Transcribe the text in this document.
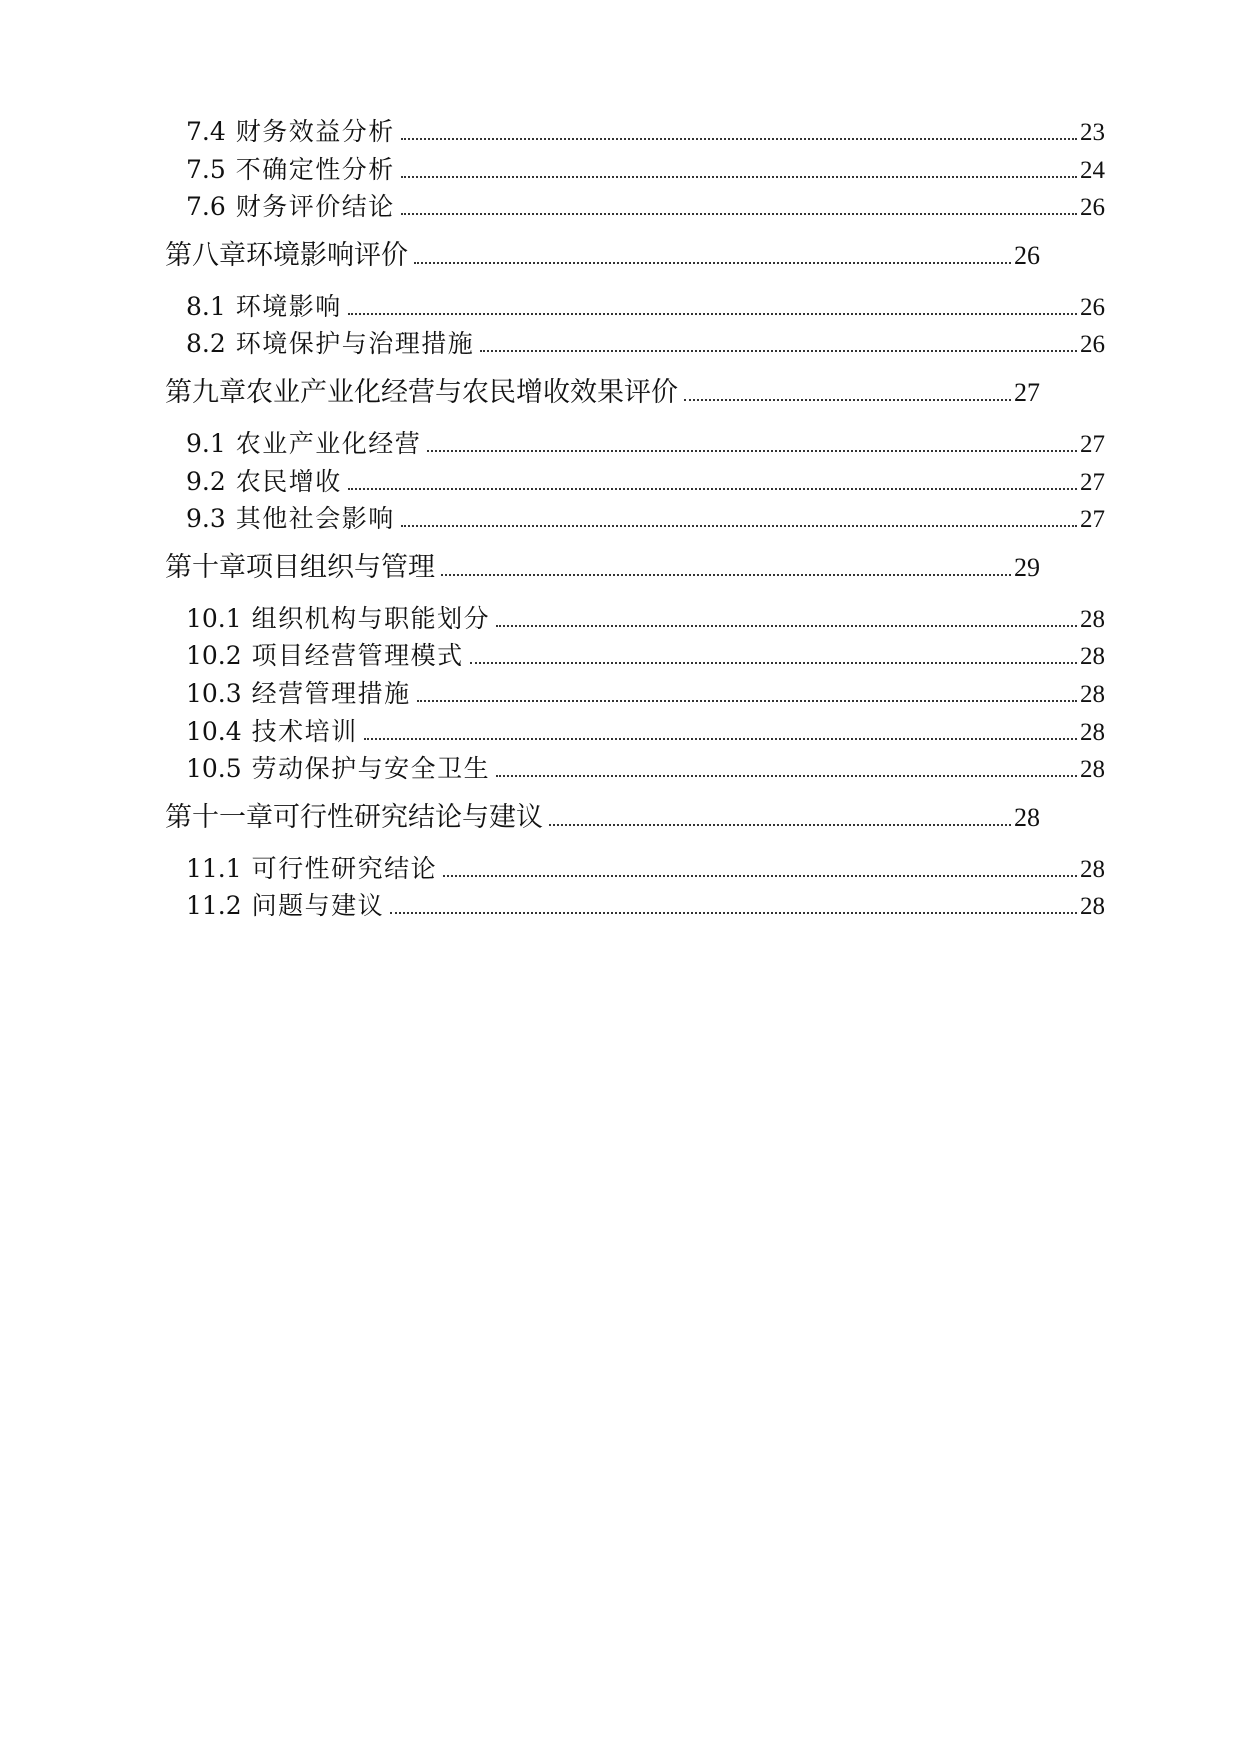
7.4 财务效益分析	23
7.5 不确定性分析	24
7.6 财务评价结论	26
第八章环境影响评价	26
8.1 环境影响	26
8.2 环境保护与治理措施	26
第九章农业产业化经营与农民增收效果评价	27
9.1 农业产业化经营	27
9.2 农民增收	27
9.3 其他社会影响	27
第十章项目组织与管理	29
10.1 组织机构与职能划分	28
10.2 项目经营管理模式	28
10.3 经营管理措施	28
10.4 技术培训	28
10.5 劳动保护与安全卫生	28
第十一章可行性研究结论与建议	28
11.1 可行性研究结论	28
11.2 问题与建议	28
